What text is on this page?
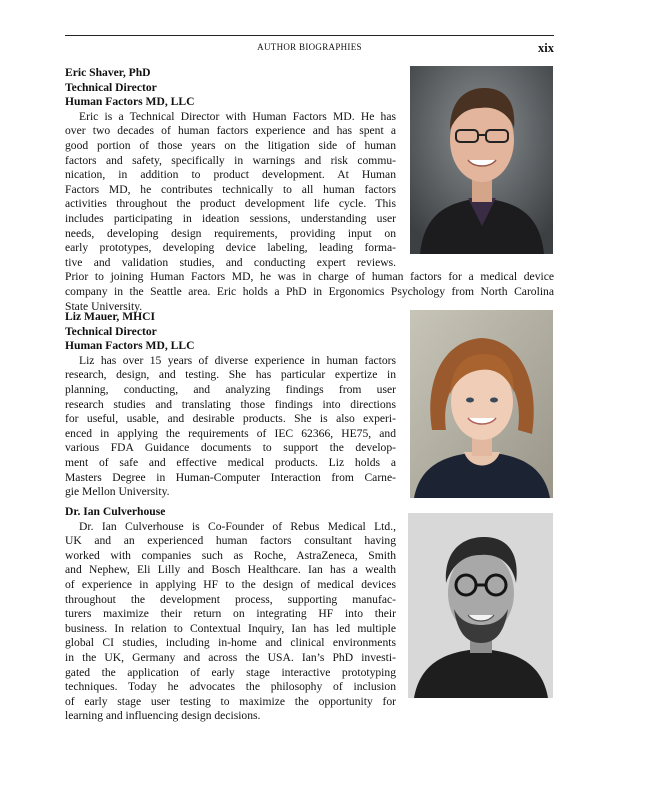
AUTHOR BIOGRAPHIES	xix
Eric Shaver, PhD
Technical Director
Human Factors MD, LLC
Eric is a Technical Director with Human Factors MD. He has
over two decades of human factors experience and has spent a
good portion of those years on the litigation side of human
factors and safety, specifically in warnings and risk commu-
nication, in addition to product development. At Human
Factors MD, he contributes technically to all human factors
activities throughout the product development life cycle. This
includes participating in ideation sessions, understanding user
needs, developing design requirements, providing input on
early prototypes, developing device labeling, leading forma-
tive and validation studies, and conducting expert reviews.
Prior to joining Human Factors MD, he was in charge of human factors for a medical device
company in the Seattle area. Eric holds a PhD in Ergonomics Psychology from North Carolina
State University.
Liz Mauer, MHCI
Technical Director
Human Factors MD, LLC
Liz has over 15 years of diverse experience in human factors
research, design, and testing. She has particular expertize in
planning, conducting, and analyzing findings from user
research studies and translating those findings into directions
for useful, usable, and desirable products. She is also experi-
enced in applying the requirements of IEC 62366, HE75, and
various FDA Guidance documents to support the develop-
ment of safe and effective medical products. Liz holds a
Masters Degree in Human-Computer Interaction from Carne-
gie Mellon University.
Dr. Ian Culverhouse
Dr. Ian Culverhouse is Co-Founder of Rebus Medical Ltd.,
UK and an experienced human factors consultant having
worked with companies such as Roche, AstraZeneca, Smith
and Nephew, Eli Lilly and Bosch Healthcare. Ian has a wealth
of experience in applying HF to the design of medical devices
throughout the development process, supporting manufac-
turers maximize their return on integrating HF into their
business. In relation to Contextual Inquiry, Ian has led multiple
global CI studies, including in-home and clinical environments
in the UK, Germany and across the USA. Ian’s PhD investi-
gated the application of early stage interactive prototyping
techniques. Today he advocates the philosophy of inclusion
of early stage user testing to maximize the opportunity for
learning and influencing design decisions.
